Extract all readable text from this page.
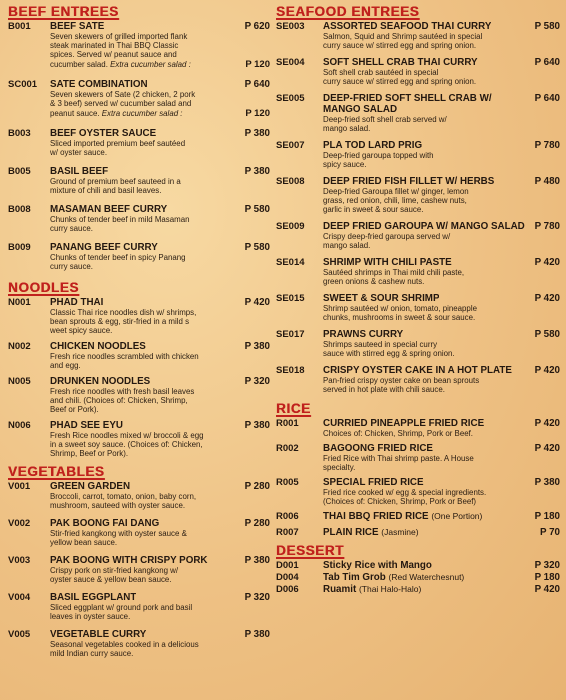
BEEF ENTREES
B001	BEEF SATE	P 620
Seven skewers of grilled imported flank
steak marinated in Thai BBQ Classic
spices. Served w/ peanut sauce and
cucumber salad. Extra cucumber salad :	P 120
SC001	SATE COMBINATION	P 640
Seven skewers of Sate (2 chicken, 2 pork
& 3 beef) served w/ cucumber salad and
peanut sauce. Extra cucumber salad :	P 120
B003	BEEF OYSTER SAUCE	P 380
Sliced imported premium beef sautéed
w/ oyster sauce.
B005	BASIL BEEF	P 380
Ground of premium beef sauteed in a
mixture of chili and basil leaves.
B008	MASAMAN BEEF CURRY	P 580
Chunks of tender beef in mild Masaman
curry sauce.
B009	PANANG BEEF CURRY	P 580
Chunks of tender beef in spicy Panang
curry sauce.
NOODLES
N001	PHAD THAI	P 420
Classic Thai rice noodles dish w/ shrimps,
bean sprouts & egg, stir-fried in a mild s
weet spicy sauce.
N002	CHICKEN NOODLES	P 380
Fresh rice noodles scrambled with chicken
and egg.
N005	DRUNKEN NOODLES	P 320
Fresh rice noodles with fresh basil leaves
and chili. (Choices of: Chicken, Shrimp,
Beef or Pork).
N006	PHAD SEE EYU	P 380
Fresh Rice noodles mixed w/ broccoli & egg
in a sweet soy sauce. (Choices of: Chicken,
Shrimp, Beef or Pork).
VEGETABLES
V001	GREEN GARDEN	P 280
Broccoli, carrot, tomato, onion, baby corn,
mushroom, sauteed with oyster sauce.
V002	PAK BOONG FAI DANG	P 280
Stir-fried kangkong with oyster sauce &
yellow bean sauce.
V003	PAK BOONG WITH CRISPY PORK	P 380
Crispy pork on stir-fried kangkong w/
oyster sauce & yellow bean sauce.
V004	BASIL EGGPLANT	P 320
Sliced eggplant w/ ground pork and basil
leaves in oyster sauce.
V005	VEGETABLE CURRY	P 380
Seasonal vegetables cooked in a delicious
mild Indian curry sauce.
SEAFOOD ENTREES
SE003	ASSORTED SEAFOOD THAI CURRY	P 580
Salmon, Squid and Shrimp sautéed in special
curry sauce w/ stirred egg and spring onion.
SE004	SOFT SHELL CRAB THAI CURRY	P 640
Soft shell crab sautéed in special
curry sauce w/ stirred egg and spring onion.
SE005	DEEP-FRIED SOFT SHELL CRAB W/	P 640
MANGO SALAD
Deep-fried soft shell crab served w/
mango salad.
SE007	PLA TOD LARD PRIG	P 780
Deep-fried garoupa topped with
spicy sauce.
SE008	DEEP FRIED FISH FILLET W/ HERBS	P 480
Deep-fried Garoupa fillet w/ ginger, lemon
grass, red onion, chili, lime, cashew nuts,
garlic in sweet & sour sauce.
SE009	DEEP FRIED GAROUPA W/ MANGO SALAD	P 780
Crispy deep-fried garoupa served w/
mango salad.
SE014	SHRIMP WITH CHILI PASTE	P 420
Sautéed shrimps in Thai mild chili paste,
green onions & cashew nuts.
SE015	SWEET & SOUR SHRIMP	P 420
Shrimp sautéed w/ onion, tomato, pineapple
chunks, mushrooms in sweet & sour sauce.
SE017	PRAWNS CURRY	P 580
Shrimps sauteed in special curry
sauce with stirred egg & spring onion.
SE018	CRISPY OYSTER CAKE IN A HOT PLATE	P 420
Pan-fried crispy oyster cake on bean sprouts
served in hot plate with chili sauce.
RICE
R001	CURRIED PINEAPPLE FRIED RICE	P 420
Choices of: Chicken, Shrimp, Pork or Beef.
R002	BAGOONG FRIED RICE	P 420
Fried Rice with Thai shrimp paste. A House
specialty.
R005	SPECIAL FRIED RICE	P 380
Fried rice cooked w/ egg & special ingredients.
(Choices of: Chicken, Shrimp, Pork or Beef)
R006	THAI BBQ FRIED RICE (One Portion)	P 180
R007	PLAIN RICE (Jasmine)	P 70
DESSERT
D001	Sticky Rice with Mango	P 320
D004	Tab Tim Grob (Red Waterchesnut)	P 180
D006	Ruamit (Thai Halo-Halo)	P 420
